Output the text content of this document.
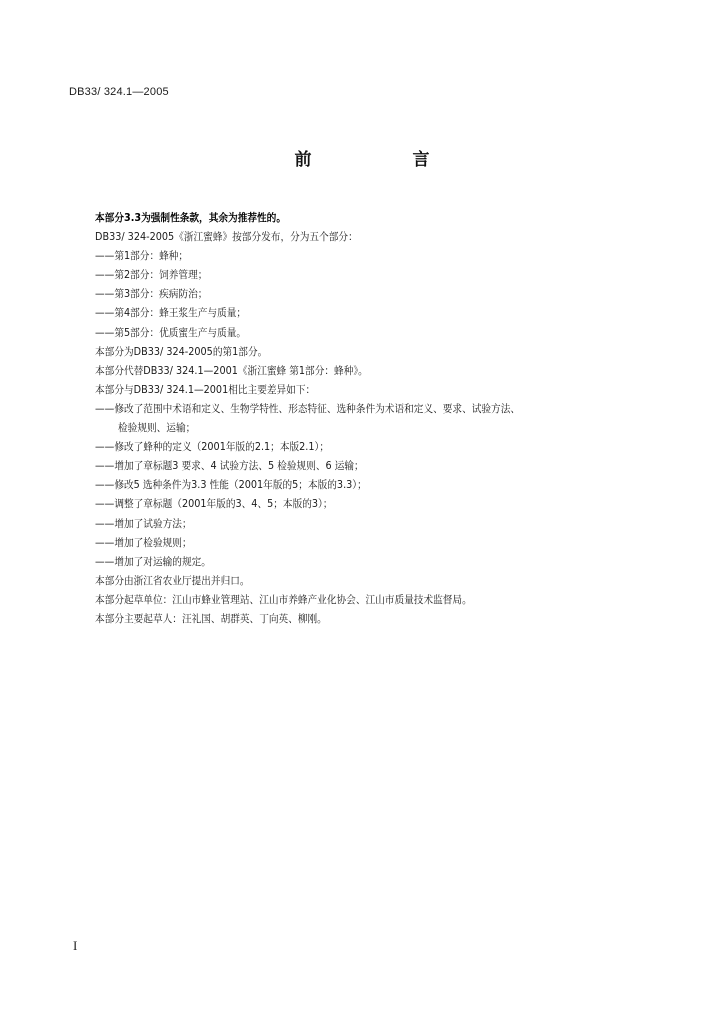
DB33/ 324.1—2005
前　言
本部分3.3为强制性条款，其余为推荐性的。
DB33/ 324-2005《浙江蜜蜂》按部分发布，分为五个部分：
——第1部分：蜂种；
——第2部分：饲养管理；
——第3部分：疾病防治；
——第4部分：蜂王浆生产与质量；
——第5部分：优质蜜生产与质量。
本部分为DB33/ 324-2005的第1部分。
本部分代替DB33/ 324.1—2001《浙江蜜蜂 第1部分：蜂种》。
本部分与DB33/ 324.1—2001相比主要差异如下：
——修改了范围中术语和定义、生物学特性、形态特征、选种条件为术语和定义、要求、试验方法、
检验规则、运输；
——修改了蜂种的定义（2001年版的2.1；本版2.1）；
——增加了章标题3 要求、4 试验方法、5 检验规则、6 运输；
——修改5 选种条件为3.3 性能（2001年版的5；本版的3.3）；
——调整了章标题（2001年版的3、4、5；本版的3）；
——增加了试验方法；
——增加了检验规则；
——增加了对运输的规定。
本部分由浙江省农业厅提出并归口。
本部分起草单位：江山市蜂业管理站、江山市养蜂产业化协会、江山市质量技术监督局。
本部分主要起草人：汪礼国、胡群英、丁向英、柳刚。
I
